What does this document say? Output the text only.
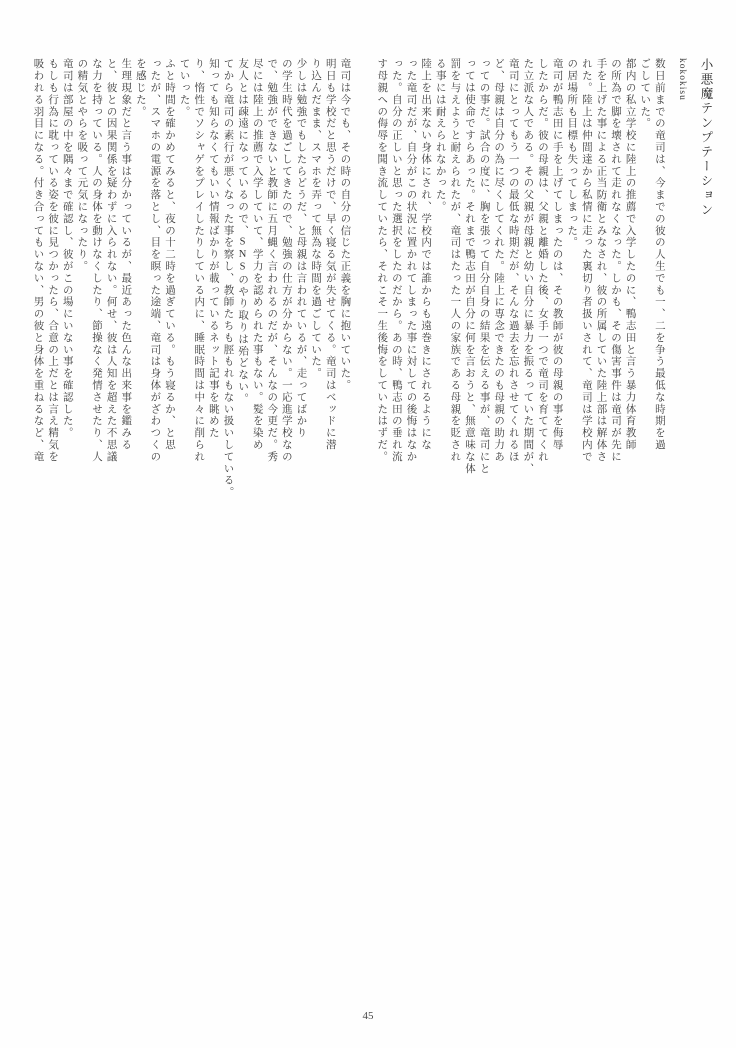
小悪魔テンプテーション
kokokisu
数日前までの竜司は、今までの彼の人生でも一、二を争う最低な時期を過
ごしていた。
都内の私立学校に陸上の推薦で入学したのに、鴨志田と言う暴力体育教師
の所為で脚を壊されて走れなくなった。しかも、その傷害事件は竜司が先に
手を上げた事による正当防衛とみなされ、彼の所属していた陸上部は解体さ
れた。陸上は仲間達から私情に走った裏切り者扱いされて、竜司は学校内で
の居場所も目標も失ってしまった。
竜司が鴨志田に手を上げてしまったのは、その教師が彼の母親の事を侮辱
したからだ。彼の母親は、父親と離婚した後、女手一つで竜司を育ててくれ
た立派な人である。その父親が母親と幼い自分に暴力を振るっていた期間が、
竜司にとってもう一つの最低な時期だが、そんな過去を忘れさせてくれるほ
ど、母親は自分の為に尽くしてくれた。陸上に専念できたのも母親の助力あ
っての事だ。試合の度に、胸を張って自分自身の結果を伝える事が、竜司にと
っては使命ですらあった。それまで鴨志田が自分に何を言おうと、無意味な体
罰を与えようと耐えられたが、竜司はたった一人の家族である母親を貶され
る事には耐えられなかった。
陸上を出来ない身体にされ、学校内では誰からも遠巻きにされるようにな
った竜司だが、自分がこの状況に置かれてしまった事に対しての後悔はなか
った。自分の正しいと思った選択をしたのだから。あの時、鴨志田の垂れ流
す母親への侮辱を聞き流していたら、それこそ一生後悔をしていたはずだ。
竜司は今でも、その時の自分の信じた正義を胸に抱いていた。
明日も学校だと思うだけで、早く寝る気が失せてくる。竜司はベッドに潜
り込んだまま、スマホを弄って無為な時間を過ごしていた。
少しは勉強でもしたらどうだ、と母親は言われているが、走ってばかり
の学生時代を過ごしてきたので、勉強の仕方が分からない。一応進学校なの
で、勉強ができないと教師に五月蝿く言われるのだが、そんなの今更だ。秀
尽には陸上の推薦で入学していて、学力を認められた事もない。髪を染め
友人とは疎遠になっているので、SNSのやり取りは殆どない。
てから竜司の素行が悪くなった事を察し、教師たちも脛もれもない扱いしている。
知っても知らなくてもいい情報ばかりが載っているネット記事を眺めた
り、惰性でソシャゲをプレイしたりしている内に、睡眠時間は中々に削られ
ていった。
ふと時間を確かめてみると、夜の十二時を過ぎている。もう寝るか、と思
ったが、スマホの電源を落とし、目を瞑った途端、竜司は身体がざわつくの
を感じた。
生理現象だと言う事は分かっているが、最近あった色んな出来事を鑑みる
と、彼との因果関係を疑わずに入られない。何せ、彼は人知を超えた不思議
な力を持っている。人の身体を動けなくしたり、節操なく発情させたり、人
の精気とやらを吸って元気になったり。
竜司は部屋の中を隅々まで確認し、彼がこの場にいない事を確認した。
もしも行為に耽っている姿を彼に見つかったら、合意の上だとは言え精気を
吸われる羽目になる。付き合ってもいない、男の彼と身体を重ねるなど、竜
45
